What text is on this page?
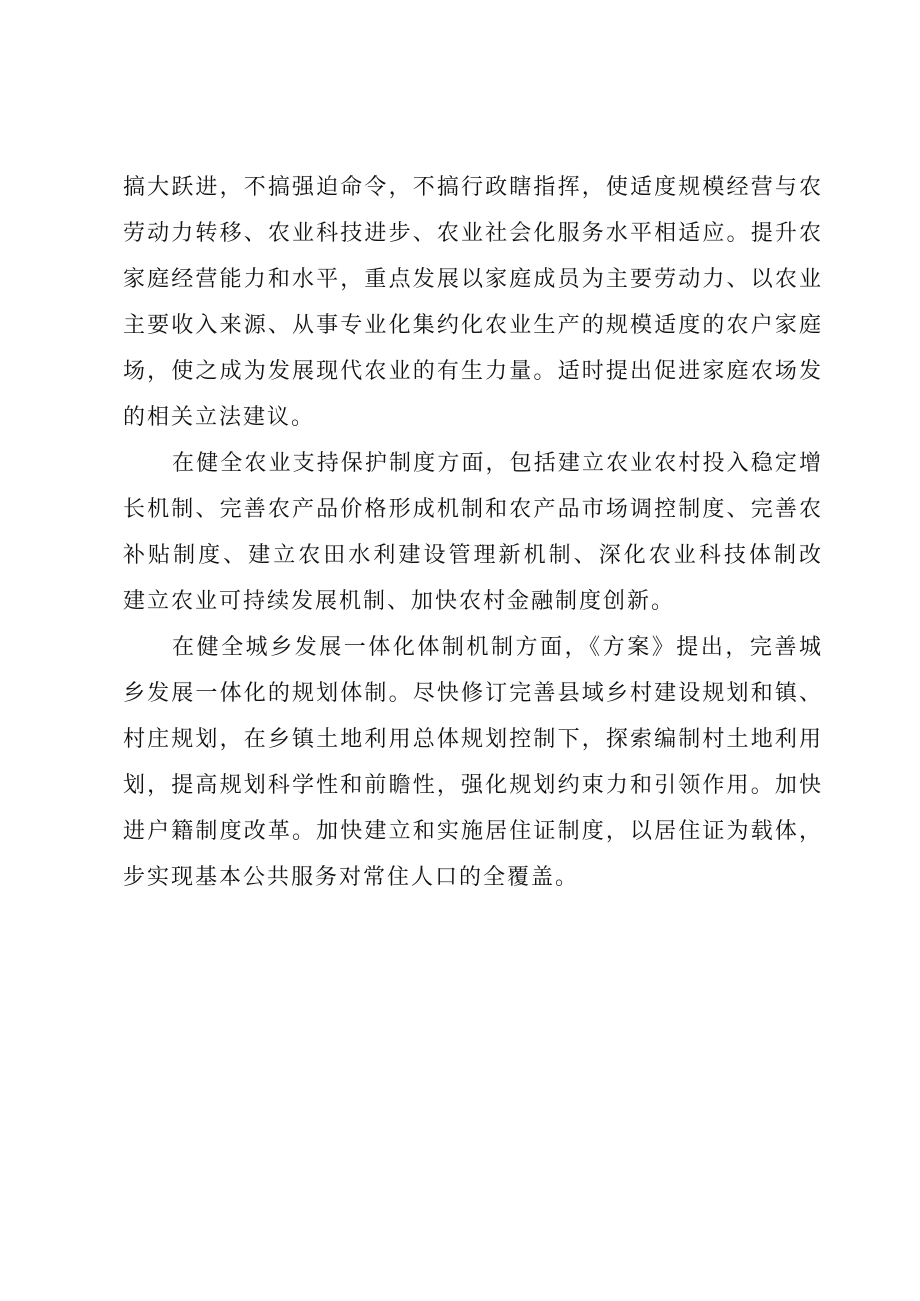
搞大跃进，不搞强迫命令，不搞行政瞎指挥，使适度规模经营与农
劳动力转移、农业科技进步、农业社会化服务水平相适应。提升农
家庭经营能力和水平，重点发展以家庭成员为主要劳动力、以农业
主要收入来源、从事专业化集约化农业生产的规模适度的农户家庭
场，使之成为发展现代农业的有生力量。适时提出促进家庭农场发
的相关立法建议。
在健全农业支持保护制度方面，包括建立农业农村投入稳定增
长机制、完善农产品价格形成机制和农产品市场调控制度、完善农
补贴制度、建立农田水利建设管理新机制、深化农业科技体制改
建立农业可持续发展机制、加快农村金融制度创新。
在健全城乡发展一体化体制机制方面，《方案》提出，完善城
乡发展一体化的规划体制。尽快修订完善县域乡村建设规划和镇、
村庄规划，在乡镇土地利用总体规划控制下，探索编制村土地利用
划，提高规划科学性和前瞻性，强化规划约束力和引领作用。加快
进户籍制度改革。加快建立和实施居住证制度，以居住证为载体，
步实现基本公共服务对常住人口的全覆盖。
